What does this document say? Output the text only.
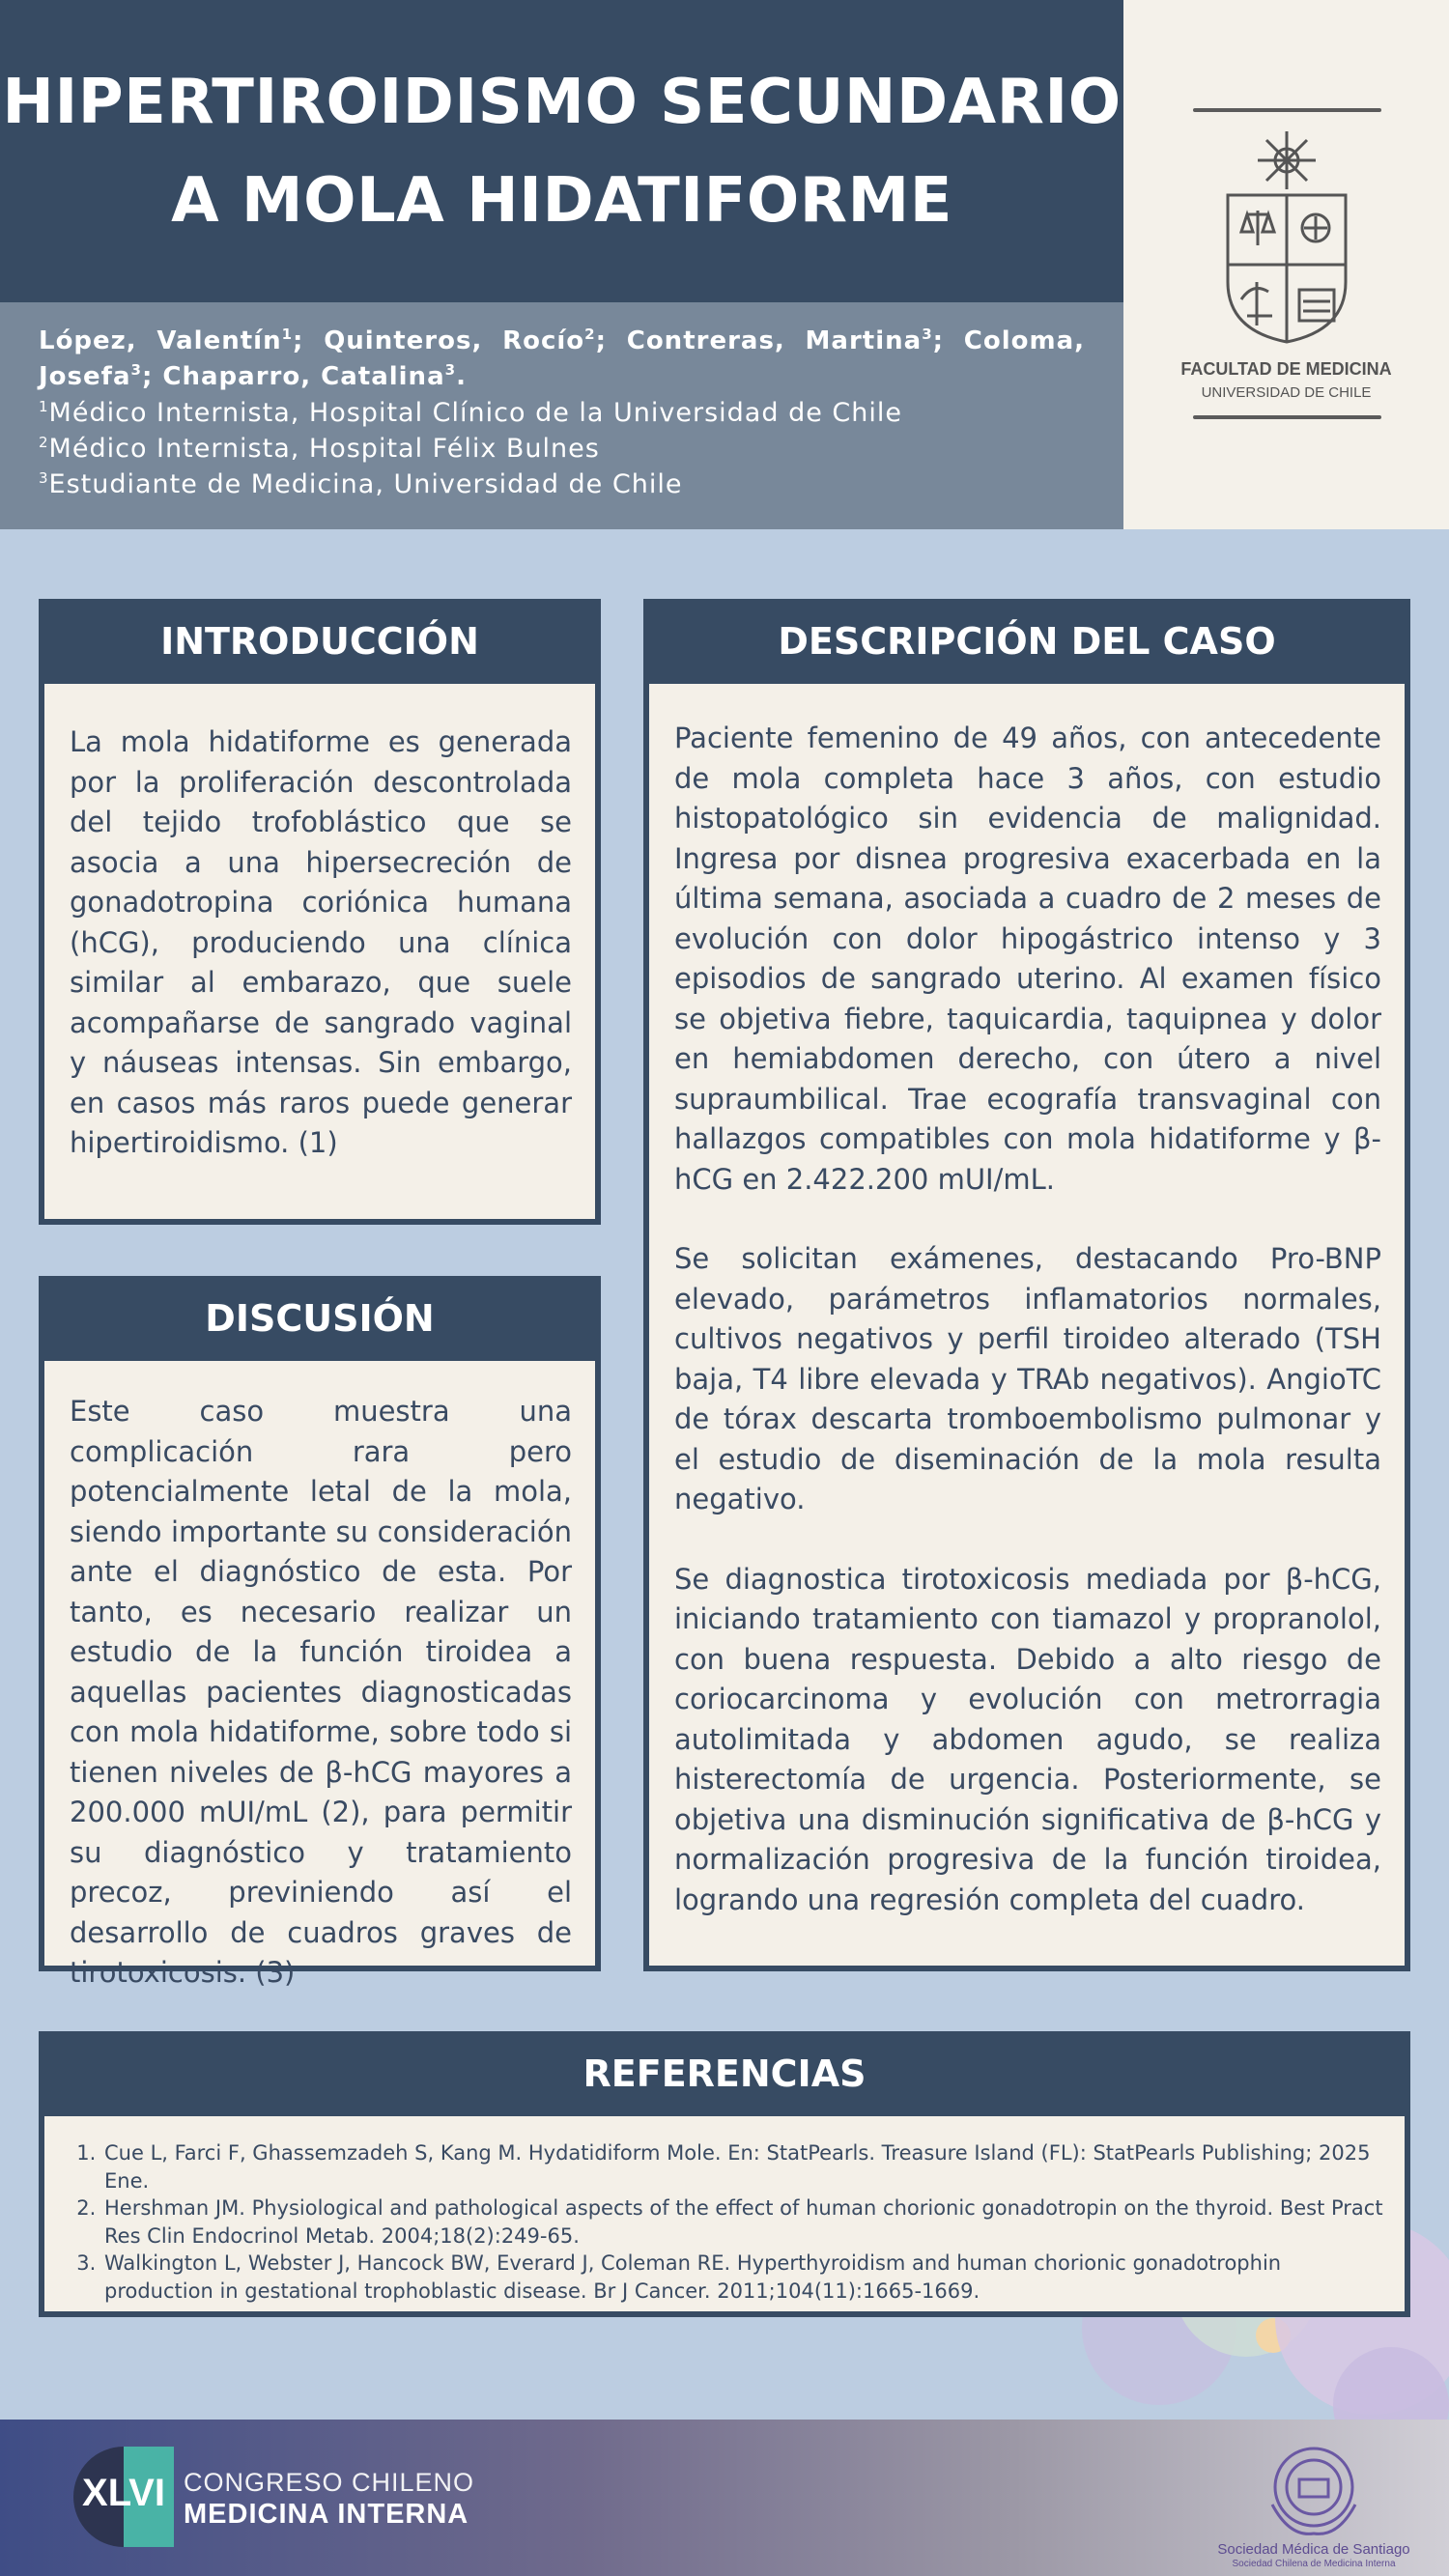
HIPERTIROIDISMO SECUNDARIO
A MOLA HIDATIFORME
López, Valentín$^1$; Quinteros, Rocío$^2$; Contreras, Martina$^3$; Coloma, Josefa$^3$; Chaparro, Catalina$^3$.
$^1$Médico Internista, Hospital Clínico de la Universidad de Chile
$^2$Médico Internista, Hospital Félix Bulnes
$^3$Estudiante de Medicina, Universidad de Chile
FACULTAD DE MEDICINA
UNIVERSIDAD DE CHILE
INTRODUCCIÓN

La mola hidatiforme es generada por la proliferación descontrolada del tejido trofoblástico que se asocia a una hipersecreción de gonadotropina coriónica humana (hCG), produciendo una clínica similar al embarazo, que suele acompañarse de sangrado vaginal y náuseas intensas. Sin embargo, en casos más raros puede generar hipertiroidismo. (1)

DISCUSIÓN

Este caso muestra una complicación rara pero potencialmente letal de la mola, siendo importante su consideración ante el diagnóstico de esta. Por tanto, es necesario realizar un estudio de la función tiroidea a aquellas pacientes diagnosticadas con mola hidatiforme, sobre todo si tienen niveles de β-hCG mayores a 200.000 mUI/mL (2), para permitir su diagnóstico y tratamiento precoz, previniendo así el desarrollo de cuadros graves de tirotoxicosis. (3)

DESCRIPCIÓN DEL CASO

Paciente femenino de 49 años, con antecedente de mola completa hace 3 años, con estudio histopatológico sin evidencia de malignidad. Ingresa por disnea progresiva exacerbada en la última semana, asociada a cuadro de 2 meses de evolución con dolor hipogástrico intenso y 3 episodios de sangrado uterino. Al examen físico se objetiva fiebre, taquicardia, taquipnea y dolor en hemiabdomen derecho, con útero a nivel supraumbilical. Trae ecografía transvaginal con hallazgos compatibles con mola hidatiforme y β-hCG en 2.422.200 mUI/mL.

Se solicitan exámenes, destacando Pro-BNP elevado, parámetros inflamatorios normales, cultivos negativos y perfil tiroideo alterado (TSH baja, T4 libre elevada y TRAb negativos). AngioTC de tórax descarta tromboembolismo pulmonar y el estudio de diseminación de la mola resulta negativo.

Se diagnostica tirotoxicosis mediada por β-hCG, iniciando tratamiento con tiamazol y propranolol, con buena respuesta. Debido a alto riesgo de coriocarcinoma y evolución con metrorragia autolimitada y abdomen agudo, se realiza histerectomía de urgencia. Posteriormente, se objetiva una disminución significativa de β-hCG y normalización progresiva de la función tiroidea, logrando una regresión completa del cuadro.

REFERENCIAS
1. Cue L, Farci F, Ghassemzadeh S, Kang M. Hydatidiform Mole. En: StatPearls. Treasure Island (FL): StatPearls Publishing; 2025 Ene.
2. Hershman JM. Physiological and pathological aspects of the effect of human chorionic gonadotropin on the thyroid. Best Pract Res Clin Endocrinol Metab. 2004;18(2):249-65.
3. Walkington L, Webster J, Hancock BW, Everard J, Coleman RE. Hyperthyroidism and human chorionic gonadotrophin production in gestational trophoblastic disease. Br J Cancer. 2011;104(11):1665-1669.
XLVI CONGRESO CHILENO
MEDICINA INTERNA
Sociedad Médica de Santiago
Sociedad Chilena de Medicina Interna
